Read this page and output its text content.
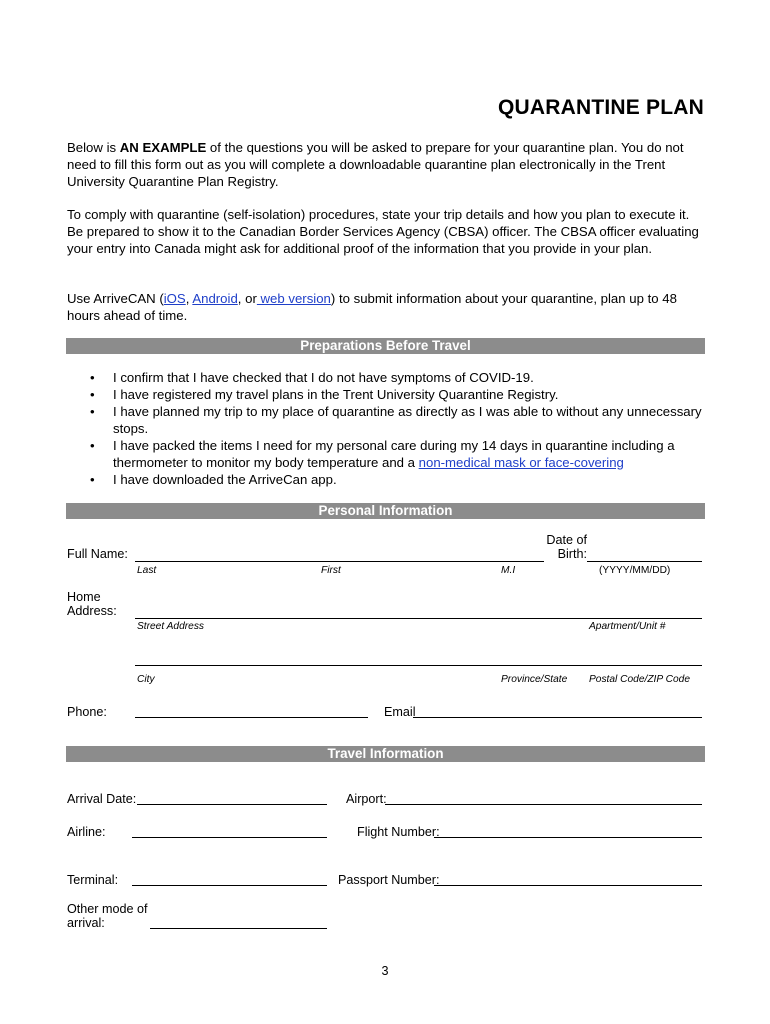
QUARANTINE PLAN
Below is AN EXAMPLE of the questions you will be asked to prepare for your quarantine plan. You do not need to fill this form out as you will complete a downloadable quarantine plan electronically in the Trent University Quarantine Plan Registry.
To comply with quarantine (self-isolation) procedures, state your trip details and how you plan to execute it. Be prepared to show it to the Canadian Border Services Agency (CBSA) officer. The CBSA officer evaluating your entry into Canada might ask for additional proof of the information that you provide in your plan.
Use ArriveCAN (iOS, Android, or web version) to submit information about your quarantine, plan up to 48 hours ahead of time.
Preparations Before Travel
• I confirm that I have checked that I do not have symptoms of COVID-19.
• I have registered my travel plans in the Trent University Quarantine Registry.
• I have planned my trip to my place of quarantine as directly as I was able to without any unnecessary stops.
• I have packed the items I need for my personal care during my 14 days in quarantine including a thermometer to monitor my body temperature and a non-medical mask or face-covering
• I have downloaded the ArriveCan app.
Personal Information
Full Name:
Date of
Birth:
Last	First	M.I	(YYYY/MM/DD)
Home
Address:
Street Address	Apartment/Unit #
City	Province/State Postal Code/ZIP Code
Phone:	Email
Travel Information
Arrival Date:	Airport:
Airline:	Flight Number:
Terminal:	Passport Number:
Other mode of
arrival:
3
